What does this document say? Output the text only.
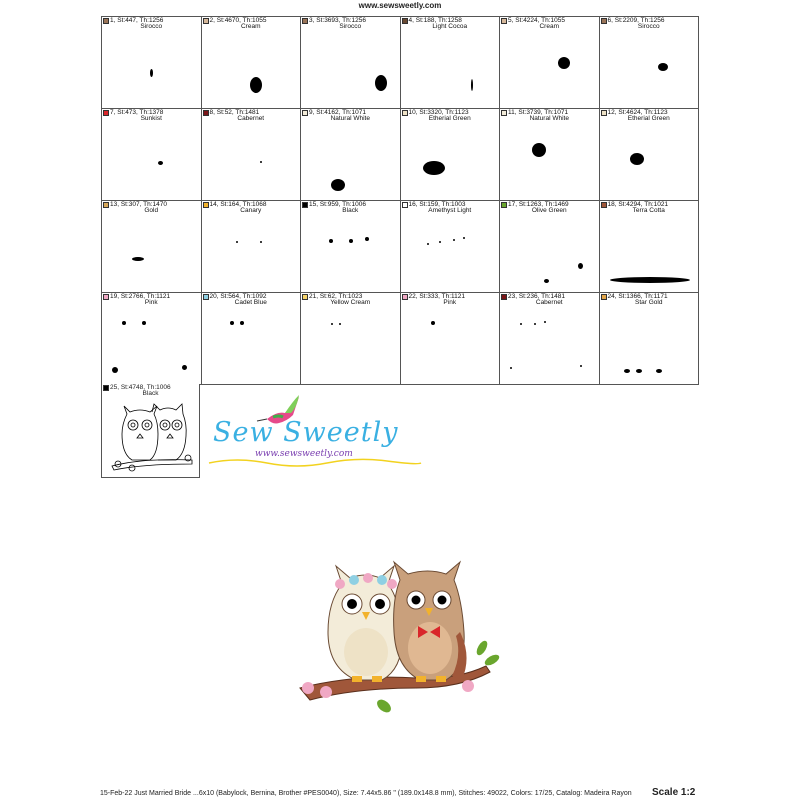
www.sewsweetly.com
1, St:447, Th:1256
Sirocco
2, St:4670, Th:1055
Cream
3, St:3693, Th:1256
Sirocco
4, St:188, Th:1258
Light Cocoa
5, St:4224, Th:1055
Cream
6, St:2209, Th:1256
Sirocco
7, St:473, Th:1378
Sunkist
8, St:52, Th:1481
Cabernet
9, St:4162, Th:1071
Natural White
10, St:3320, Th:1123
Etherial Green
11, St:3739, Th:1071
Natural White
12, St:4624, Th:1123
Etherial Green
13, St:307, Th:1470
Gold
14, St:164, Th:1068
Canary
15, St:959, Th:1006
Black
16, St:159, Th:1003
Amethyst Light
17, St:1263, Th:1469
Olive Green
18, St:4294, Th:1021
Terra Cotta
19, St:2766, Th:1121
Pink
20, St:564, Th:1092
Cadet Blue
21, St:62, Th:1023
Yellow Cream
22, St:333, Th:1121
Pink
23, St:236, Th:1481
Cabernet
24, St:1366, Th:1171
Star Gold
25, St:4748, Th:1006
Black
Sew Sweetly
www.sewsweetly.com
15-Feb-22 Just Married Bride ...6x10 (Babylock, Bernina, Brother #PES0040), Size: 7.44x5.86 " (189.0x148.8 mm), Stitches: 49022, Colors: 17/25, Catalog: Madeira Rayon Scale 1:2
